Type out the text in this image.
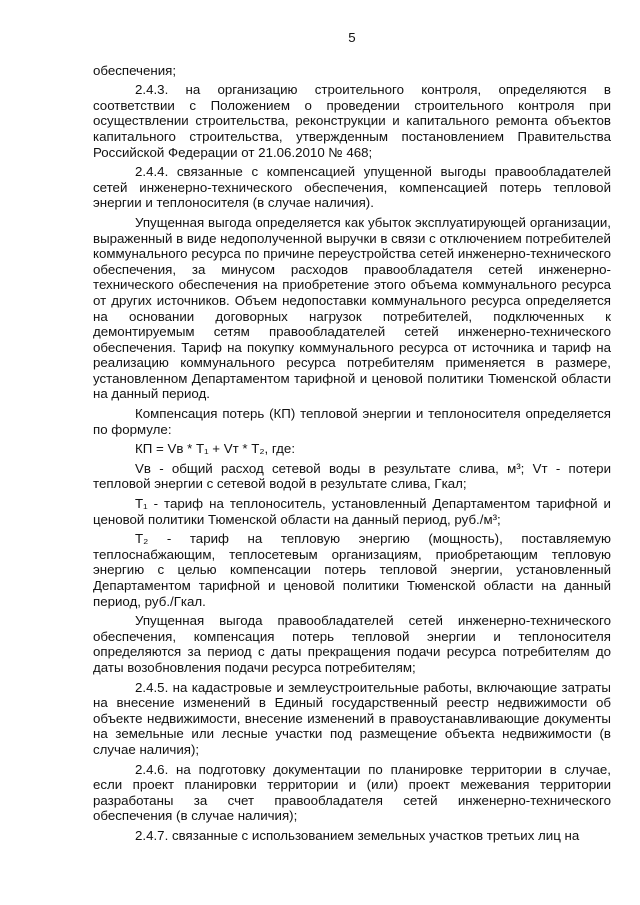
5

обеспечения;

2.4.3. на организацию строительного контроля, определяются в соответствии с Положением о проведении строительного контроля при осуществлении строительства, реконструкции и капитального ремонта объектов капитального строительства, утвержденным постановлением Правительства Российской Федерации от 21.06.2010 № 468;

2.4.4. связанные с компенсацией упущенной выгоды правообладателей сетей инженерно-технического обеспечения, компенсацией потерь тепловой энергии и теплоносителя (в случае наличия).

Упущенная выгода определяется как убыток эксплуатирующей организации, выраженный в виде недополученной выручки в связи с отключением потребителей коммунального ресурса по причине переустройства сетей инженерно-технического обеспечения, за минусом расходов правообладателя сетей инженерно-технического обеспечения на приобретение этого объема коммунального ресурса от других источников. Объем недопоставки коммунального ресурса определяется на основании договорных нагрузок потребителей, подключенных к демонтируемым сетям правообладателей сетей инженерно-технического обеспечения. Тариф на покупку коммунального ресурса от источника и тариф на реализацию коммунального ресурса потребителям применяется в размере, установленном Департаментом тарифной и ценовой политики Тюменской области на данный период.

Компенсация потерь (КП) тепловой энергии и теплоносителя определяется по формуле:

КП = Vв * Т₁ + Vт * Т₂, где:

Vв - общий расход сетевой воды в результате слива, м³; Vт - потери тепловой энергии с сетевой водой в результате слива, Гкал;

Т₁ - тариф на теплоноситель, установленный Департаментом тарифной и ценовой политики Тюменской области на данный период, руб./м³;

Т₂ - тариф на тепловую энергию (мощность), поставляемую теплоснабжающим, теплосетевым организациям, приобретающим тепловую энергию с целью компенсации потерь тепловой энергии, установленный Департаментом тарифной и ценовой политики Тюменской области на данный период, руб./Гкал.

Упущенная выгода правообладателей сетей инженерно-технического обеспечения, компенсация потерь тепловой энергии и теплоносителя определяются за период с даты прекращения подачи ресурса потребителям до даты возобновления подачи ресурса потребителям;

2.4.5. на кадастровые и землеустроительные работы, включающие затраты на внесение изменений в Единый государственный реестр недвижимости об объекте недвижимости, внесение изменений в правоустанавливающие документы на земельные или лесные участки под размещение объекта недвижимости (в случае наличия);

2.4.6. на подготовку документации по планировке территории в случае, если проект планировки территории и (или) проект межевания территории разработаны за счет правообладателя сетей инженерно-технического обеспечения (в случае наличия);

2.4.7. связанные с использованием земельных участков третьих лиц на
